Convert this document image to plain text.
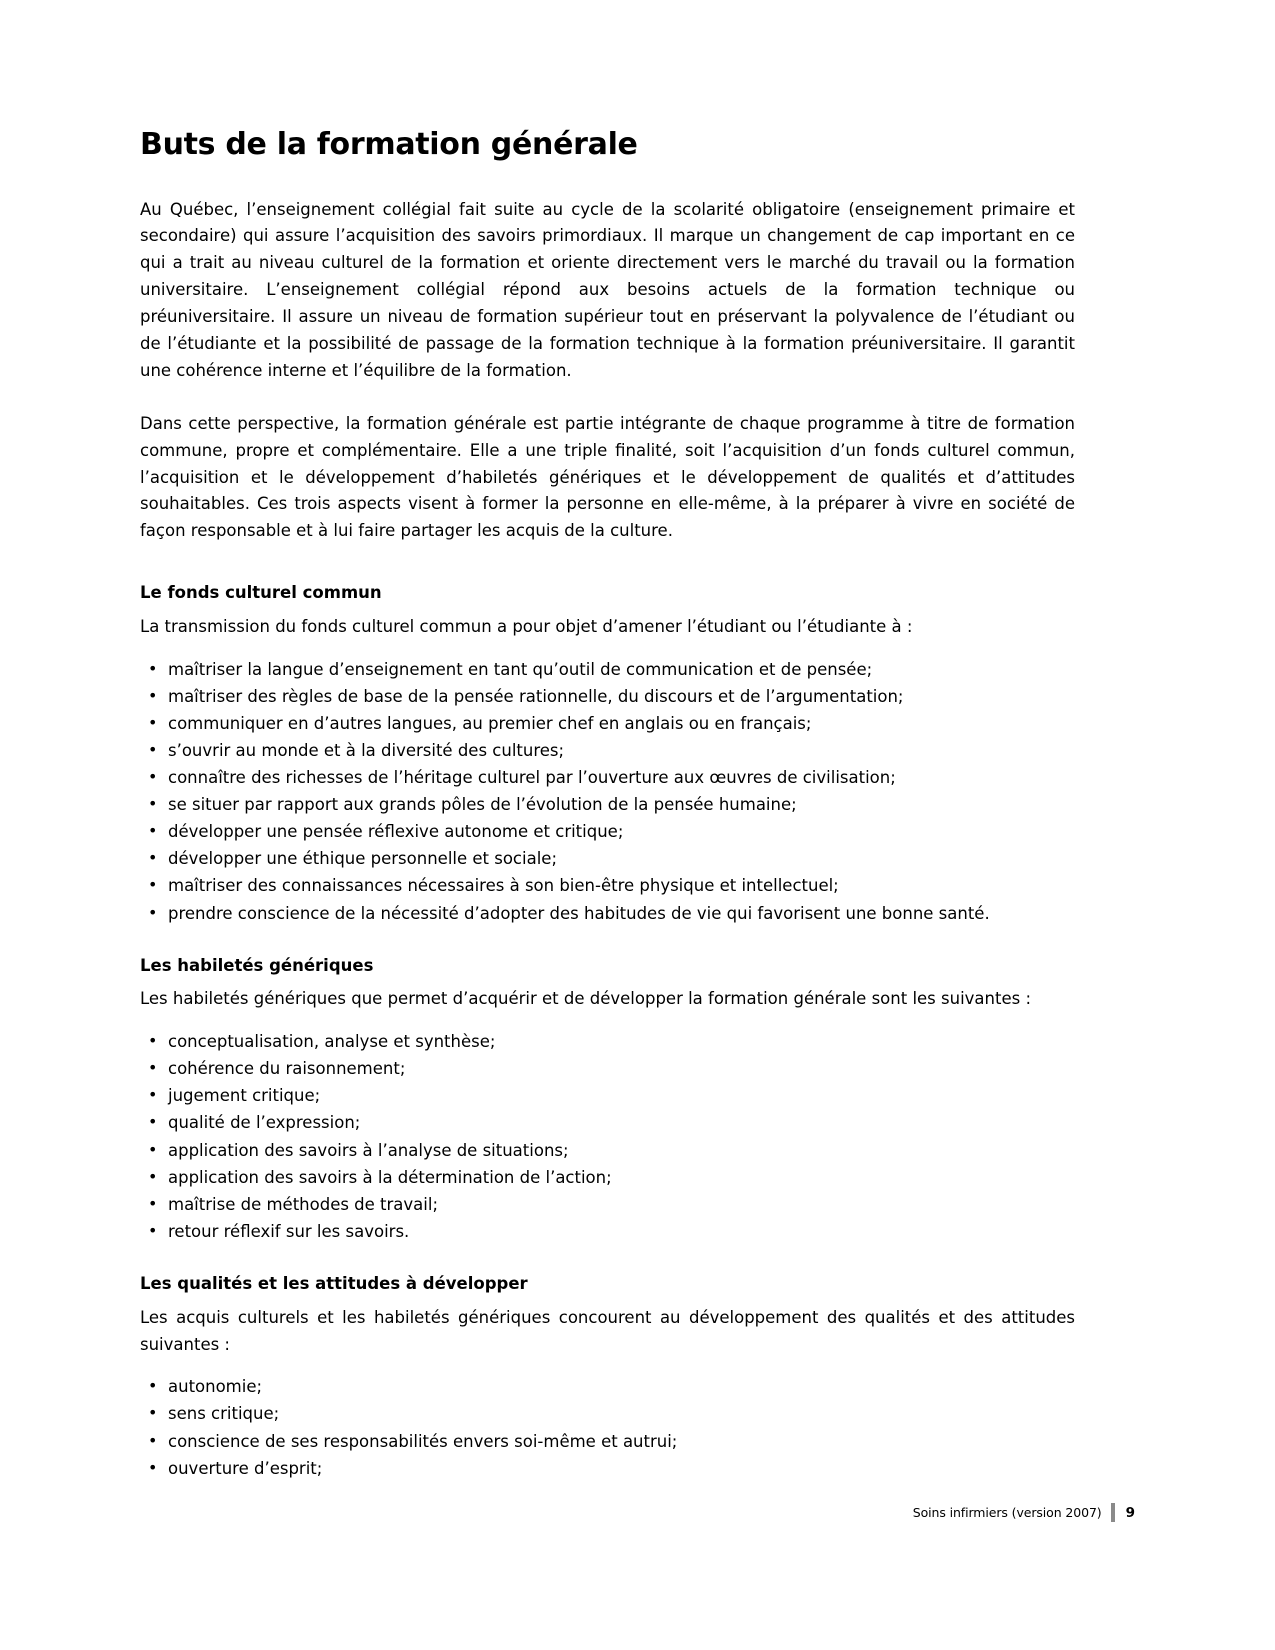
Buts de la formation générale

Au Québec, l’enseignement collégial fait suite au cycle de la scolarité obligatoire (enseignement primaire et secondaire) qui assure l’acquisition des savoirs primordiaux. Il marque un changement de cap important en ce qui a trait au niveau culturel de la formation et oriente directement vers le marché du travail ou la formation universitaire. L’enseignement collégial répond aux besoins actuels de la formation technique ou préuniversitaire. Il assure un niveau de formation supérieur tout en préservant la polyvalence de l’étudiant ou de l’étudiante et la possibilité de passage de la formation technique à la formation préuniversitaire. Il garantit une cohérence interne et l’équilibre de la formation.

Dans cette perspective, la formation générale est partie intégrante de chaque programme à titre de formation commune, propre et complémentaire. Elle a une triple finalité, soit l’acquisition d’un fonds culturel commun, l’acquisition et le développement d’habiletés génériques et le développement de qualités et d’attitudes souhaitables. Ces trois aspects visent à former la personne en elle-même, à la préparer à vivre en société de façon responsable et à lui faire partager les acquis de la culture.

Le fonds culturel commun

La transmission du fonds culturel commun a pour objet d’amener l’étudiant ou l’étudiante à :

• maîtriser la langue d’enseignement en tant qu’outil de communication et de pensée;
• maîtriser des règles de base de la pensée rationnelle, du discours et de l’argumentation;
• communiquer en d’autres langues, au premier chef en anglais ou en français;
• s’ouvrir au monde et à la diversité des cultures;
• connaître des richesses de l’héritage culturel par l’ouverture aux œuvres de civilisation;
• se situer par rapport aux grands pôles de l’évolution de la pensée humaine;
• développer une pensée réflexive autonome et critique;
• développer une éthique personnelle et sociale;
• maîtriser des connaissances nécessaires à son bien-être physique et intellectuel;
• prendre conscience de la nécessité d’adopter des habitudes de vie qui favorisent une bonne santé.
Les habiletés génériques

Les habiletés génériques que permet d’acquérir et de développer la formation générale sont les suivantes :

• conceptualisation, analyse et synthèse;
• cohérence du raisonnement;
• jugement critique;
• qualité de l’expression;
• application des savoirs à l’analyse de situations;
• application des savoirs à la détermination de l’action;
• maîtrise de méthodes de travail;
• retour réflexif sur les savoirs.
Les qualités et les attitudes à développer

Les acquis culturels et les habiletés génériques concourent au développement des qualités et des attitudes suivantes :

• autonomie;
• sens critique;
• conscience de ses responsabilités envers soi-même et autrui;
• ouverture d’esprit;
Soins infirmiers (version 2007) 9
